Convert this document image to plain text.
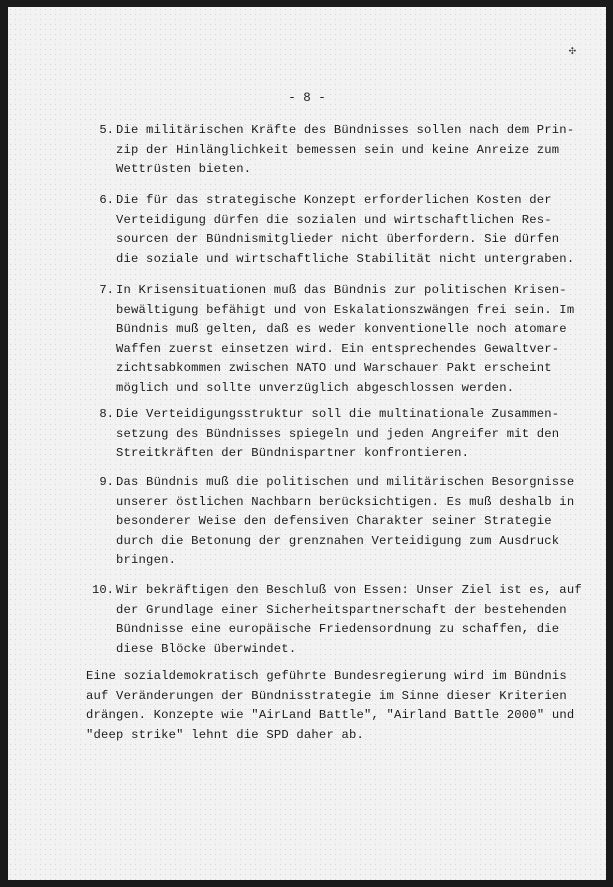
✣
- 8 -
5. Die militärischen Kräfte des Bündnisses sollen nach dem Prin-
zip der Hinlänglichkeit bemessen sein und keine Anreize zum
Wettrüsten bieten.
6. Die für das strategische Konzept erforderlichen Kosten der
Verteidigung dürfen die sozialen und wirtschaftlichen Res-
sourcen der Bündnismitglieder nicht überfordern. Sie dürfen
die soziale und wirtschaftliche Stabilität nicht untergraben.
7. In Krisensituationen muß das Bündnis zur politischen Krisen-
bewältigung befähigt und von Eskalationszwängen frei sein. Im
Bündnis muß gelten, daß es weder konventionelle noch atomare
Waffen zuerst einsetzen wird. Ein entsprechendes Gewaltver-
zichtsabkommen zwischen NATO und Warschauer Pakt erscheint
möglich und sollte unverzüglich abgeschlossen werden.
8. Die Verteidigungsstruktur soll die multinationale Zusammen-
setzung des Bündnisses spiegeln und jeden Angreifer mit den
Streitkräften der Bündnispartner konfrontieren.
9. Das Bündnis muß die politischen und militärischen Besorgnisse
unserer östlichen Nachbarn berücksichtigen. Es muß deshalb in
besonderer Weise den defensiven Charakter seiner Strategie
durch die Betonung der grenznahen Verteidigung zum Ausdruck
bringen.
10. Wir bekräftigen den Beschluß von Essen: Unser Ziel ist es, auf
der Grundlage einer Sicherheitspartnerschaft der bestehenden
Bündnisse eine europäische Friedensordnung zu schaffen, die
diese Blöcke überwindet.
Eine sozialdemokratisch geführte Bundesregierung wird im Bündnis
auf Veränderungen der Bündnisstrategie im Sinne dieser Kriterien
drängen. Konzepte wie "AirLand Battle", "Airland Battle 2000" und
"deep strike" lehnt die SPD daher ab.
